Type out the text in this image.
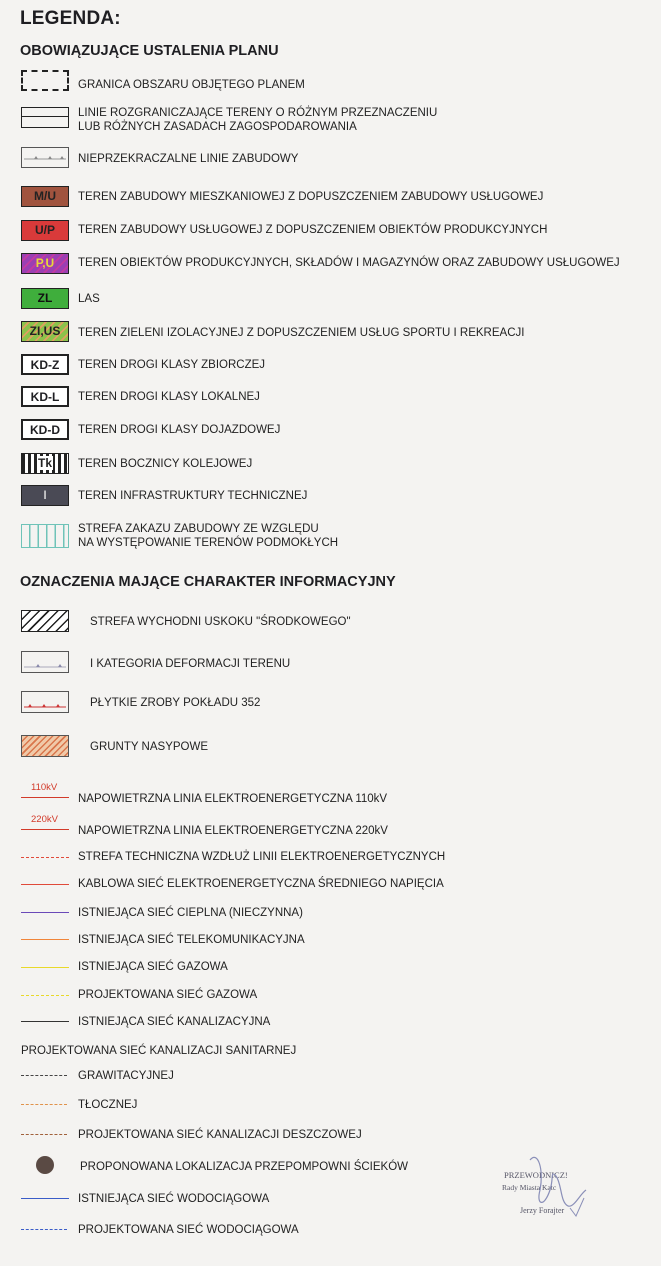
LEGENDA:
OBOWIĄZUJĄCE USTALENIA PLANU
GRANICA OBSZARU OBJĘTEGO PLANEM
LINIE ROZGRANICZAJĄCE TERENY O RÓŻNYM PRZEZNACZENIU
LUB RÓŻNYCH ZASADACH ZAGOSPODAROWANIA
NIEPRZEKRACZALNE LINIE ZABUDOWY
M/U	TEREN ZABUDOWY MIESZKANIOWEJ Z DOPUSZCZENIEM ZABUDOWY USŁUGOWEJ
U/P	TEREN ZABUDOWY USŁUGOWEJ Z DOPUSZCZENIEM OBIEKTÓW PRODUKCYJNYCH
P,U	TEREN OBIEKTÓW PRODUKCYJNYCH, SKŁADÓW I MAGAZYNÓW ORAZ ZABUDOWY USŁUGOWEJ
ZL	LAS
ZI,US	TEREN ZIELENI IZOLACYJNEJ Z DOPUSZCZENIEM USŁUG SPORTU I REKREACJI
KD-Z	TEREN DROGI KLASY ZBIORCZEJ
KD-L	TEREN DROGI KLASY LOKALNEJ
KD-D	TEREN DROGI KLASY DOJAZDOWEJ
Tk	TEREN BOCZNICY KOLEJOWEJ
I	TEREN INFRASTRUKTURY TECHNICZNEJ
STREFA ZAKAZU ZABUDOWY ZE WZGLĘDU
NA WYSTĘPOWANIE TERENÓW PODMOKŁYCH
OZNACZENIA MAJĄCE CHARAKTER INFORMACYJNY
STREFA WYCHODNI USKOKU "ŚRODKOWEGO"
I KATEGORIA DEFORMACJI TERENU
PŁYTKIE ZROBY POKŁADU 352
GRUNTY NASYPOWE
110kV
NAPOWIETRZNA LINIA ELEKTROENERGETYCZNA 110kV
220kV
NAPOWIETRZNA LINIA ELEKTROENERGETYCZNA 220kV
STREFA TECHNICZNA WZDŁUŻ LINII ELEKTROENERGETYCZNYCH
KABLOWA SIEĆ ELEKTROENERGETYCZNA ŚREDNIEGO NAPIĘCIA
ISTNIEJĄCA SIEĆ CIEPLNA (NIECZYNNA)
ISTNIEJĄCA SIEĆ TELEKOMUNIKACYJNA
ISTNIEJĄCA SIEĆ GAZOWA
PROJEKTOWANA SIEĆ GAZOWA
ISTNIEJĄCA SIEĆ KANALIZACYJNA
PROJEKTOWANA SIEĆ KANALIZACJI SANITARNEJ
GRAWITACYJNEJ
TŁOCZNEJ
PROJEKTOWANA SIEĆ KANALIZACJI DESZCZOWEJ
PROPONOWANA LOKALIZACJA PRZEPOMPOWNI ŚCIEKÓW
ISTNIEJĄCA SIEĆ WODOCIĄGOWA
PROJEKTOWANA SIEĆ WODOCIĄGOWA
PRZEWODNICZ!
Rady Miasta Katc
Jerzy Forajter
